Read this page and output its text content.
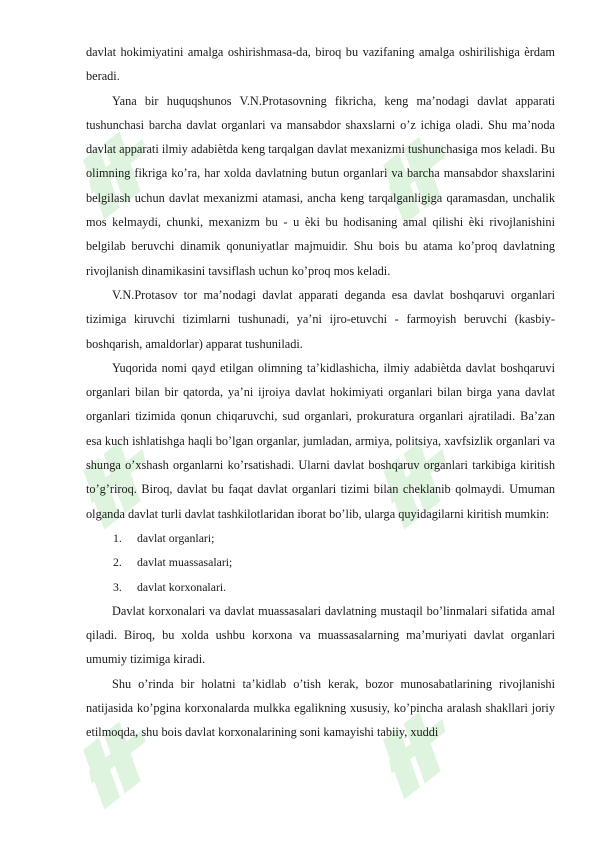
davlat hokimiyatini amalga oshirishmasa-da, biroq bu vazifaning amalga oshirilishiga ѐrdam beradi.

Yana bir huquqshunos V.N.Protasovning fikricha, keng ma’nodagi davlat apparati tushunchasi barcha davlat organlari va mansabdor shaxslarni o’z ichiga oladi. Shu ma’noda davlat apparati ilmiy adabiѐtda keng tarqalgan davlat mexanizmi tushunchasiga mos keladi. Bu olimning fikriga ko’ra, har xolda davlatning butun organlari va barcha mansabdor shaxslarini belgilash uchun davlat mexanizmi atamasi, ancha keng tarqalganligiga qaramasdan, unchalik mos kelmaydi, chunki, mexanizm bu - u ѐki bu hodisaning amal qilishi ѐki rivojlanishini belgilab beruvchi dinamik qonuniyatlar majmuidir. Shu bois bu atama ko’proq davlatning rivojlanish dinamikasini tavsiflash uchun ko’proq mos keladi.

V.N.Protasov tor ma’nodagi davlat apparati deganda esa davlat boshqaruvi organlari tizimiga kiruvchi tizimlarni tushunadi, ya’ni ijro-etuvchi - farmoyish beruvchi (kasbiy-boshqarish, amaldorlar) apparat tushuniladi.

Yuqorida nomi qayd etilgan olimning ta’kidlashicha, ilmiy adabiѐtda davlat boshqaruvi organlari bilan bir qatorda, ya’ni ijroiya davlat hokimiyati organlari bilan birga yana davlat organlari tizimida qonun chiqaruvchi, sud organlari, prokuratura organlari ajratiladi. Ba’zan esa kuch ishlatishga haqli bo’lgan organlar, jumladan, armiya, politsiya, xavfsizlik organlari va shunga o’xshash organlarni ko’rsatishadi. Ularni davlat boshqaruv organlari tarkibiga kiritish to’g’riroq. Biroq, davlat bu faqat davlat organlari tizimi bilan cheklanib qolmaydi. Umuman olganda davlat turli davlat tashkilotlaridan iborat bo’lib, ularga quyidagilarni kiritish mumkin:

1.	davlat organlari;
2.	davlat muassasalari;
3.	davlat korxonalari.

Davlat korxonalari va davlat muassasalari davlatning mustaqil bo’linmalari sifatida amal qiladi. Biroq, bu xolda ushbu korxona va muassasalarning ma’muriyati davlat organlari umumiy tizimiga kiradi.

Shu o’rinda bir holatni ta’kidlab o’tish kerak, bozor munosabatlarining rivojlanishi natijasida ko’pgina korxonalarda mulkka egalikning xususiy, ko’pincha aralash shakllari joriy etilmoqda, shu bois davlat korxonalarining soni kamayishi tabiiy, xuddi
